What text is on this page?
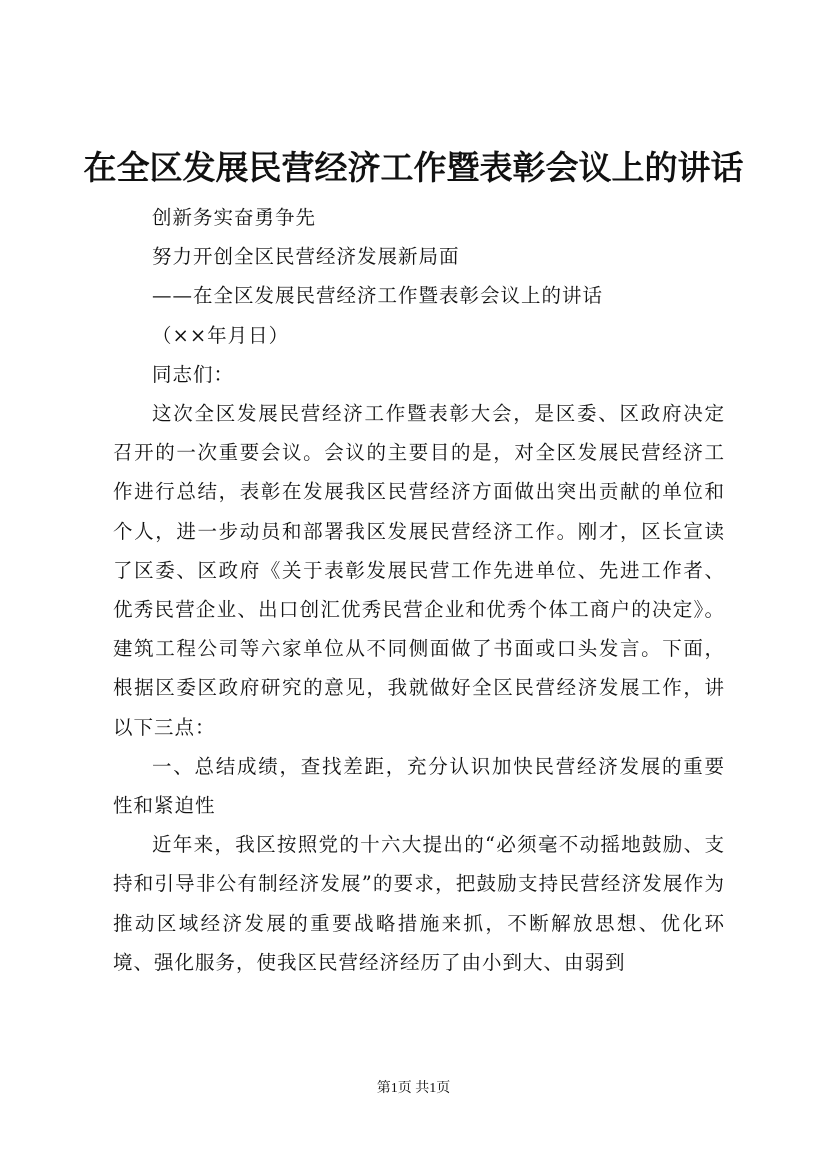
在全区发展民营经济工作暨表彰会议上的讲话

创新务实奋勇争先

努力开创全区民营经济发展新局面

——在全区发展民营经济工作暨表彰会议上的讲话

（××年月日）

同志们：

这次全区发展民营经济工作暨表彰大会，是区委、区政府决定召开的一次重要会议。会议的主要目的是，对全区发展民营经济工作进行总结，表彰在发展我区民营经济方面做出突出贡献的单位和个人，进一步动员和部署我区发展民营经济工作。刚才，区长宣读了区委、区政府《关于表彰发展民营工作先进单位、先进工作者、优秀民营企业、出口创汇优秀民营企业和优秀个体工商户的决定》。建筑工程公司等六家单位从不同侧面做了书面或口头发言。下面，根据区委区政府研究的意见，我就做好全区民营经济发展工作，讲以下三点：

一、总结成绩，查找差距，充分认识加快民营经济发展的重要性和紧迫性

近年来，我区按照党的十六大提出的“必须毫不动摇地鼓励、支持和引导非公有制经济发展”的要求，把鼓励支持民营经济发展作为推动区域经济发展的重要战略措施来抓，不断解放思想、优化环境、强化服务，使我区民营经济经历了由小到大、由弱到

第1页 共1页
